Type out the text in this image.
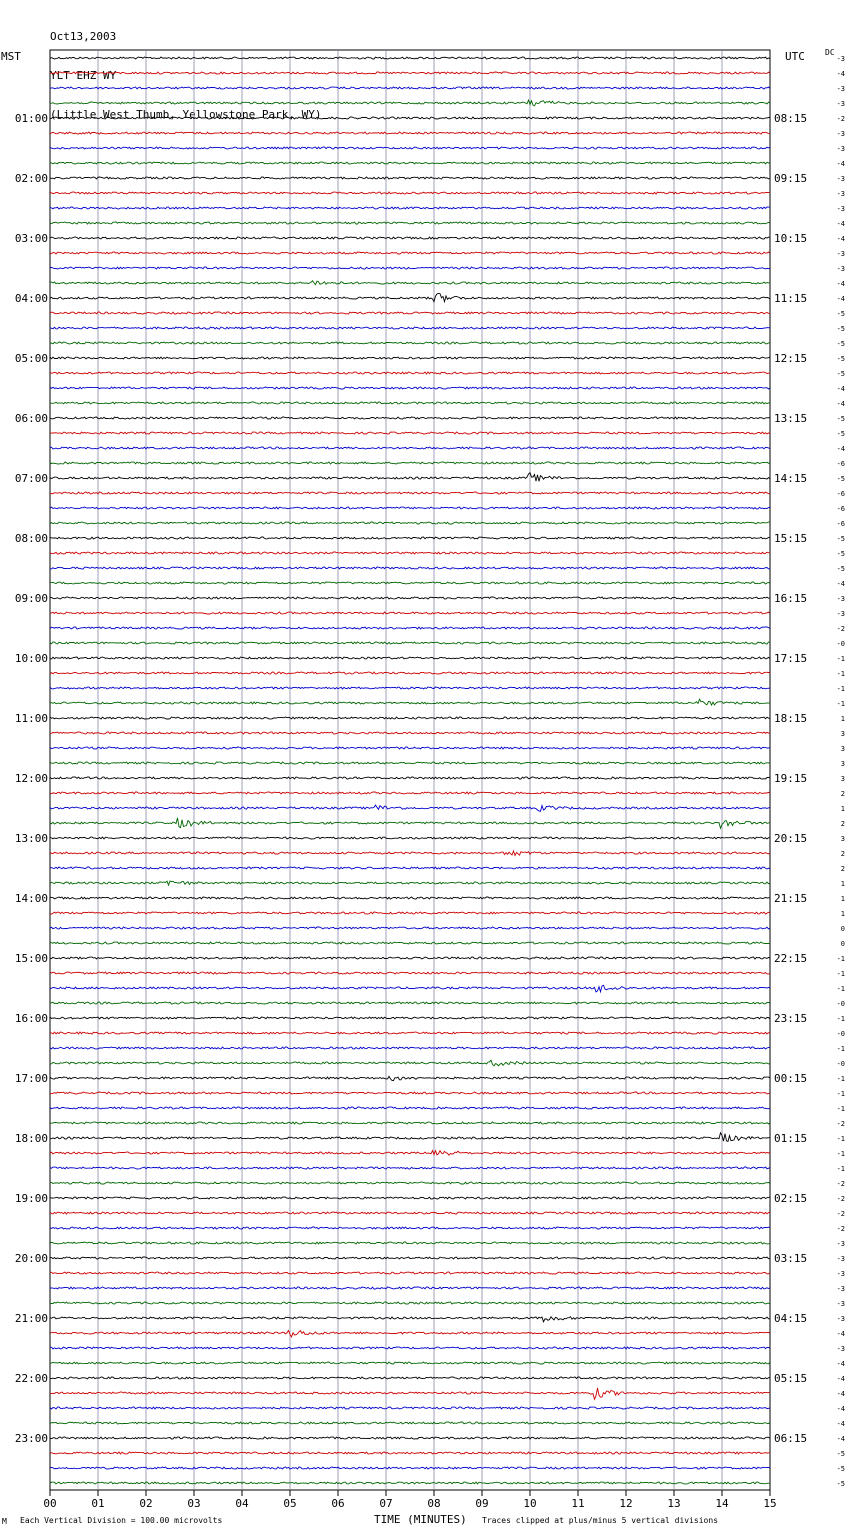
Oct13,2003

YLT EHZ WY

(Little West Thumb, Yellowstone Park, WY)

MST	UTC	DC
-3
-4
-3
-3
01:00	08:15	-2
-3
-3
-4
02:00	09:15	-3
-3
-3
-4
03:00	10:15	-4
-3
-3
-4
04:00	11:15	-4
-5
-5
-5
05:00	12:15	-5
-5
-4
-4
06:00	13:15	-5
-5
-4
-6
07:00	14:15	-5
-6
-6
-6
08:00	15:15	-5
-5
-5
-4
09:00	16:15	-3
-3
-2
-0
10:00	17:15	-1
-1
-1
-1
11:00	18:15	1
3
3
3
12:00	19:15	3
2
1
2
13:00	20:15	3
2
2
1
14:00	21:15	1
1
0
0
15:00	22:15	-1
-1
-1
-0
16:00	23:15	-1
-0
-1
-0
17:00	00:15	-1
-1
-1
-2
18:00	01:15	-1
-1
-1
-2
19:00	02:15	-2
-2
-2
-3
20:00	03:15	-3
-3
-3
-3
21:00	04:15	-3
-4
-3
-4
22:00	05:15	-4
-4
-4
-4
23:00	06:15	-4
-5
-5
-5
00	01	02	03	04	05	06	07	08	09	10	11	12	13	14	15
M Each Vertical Division = 100.00 microvolts	TIME (MINUTES) Traces clipped at plus/minus 5 vertical divisions
